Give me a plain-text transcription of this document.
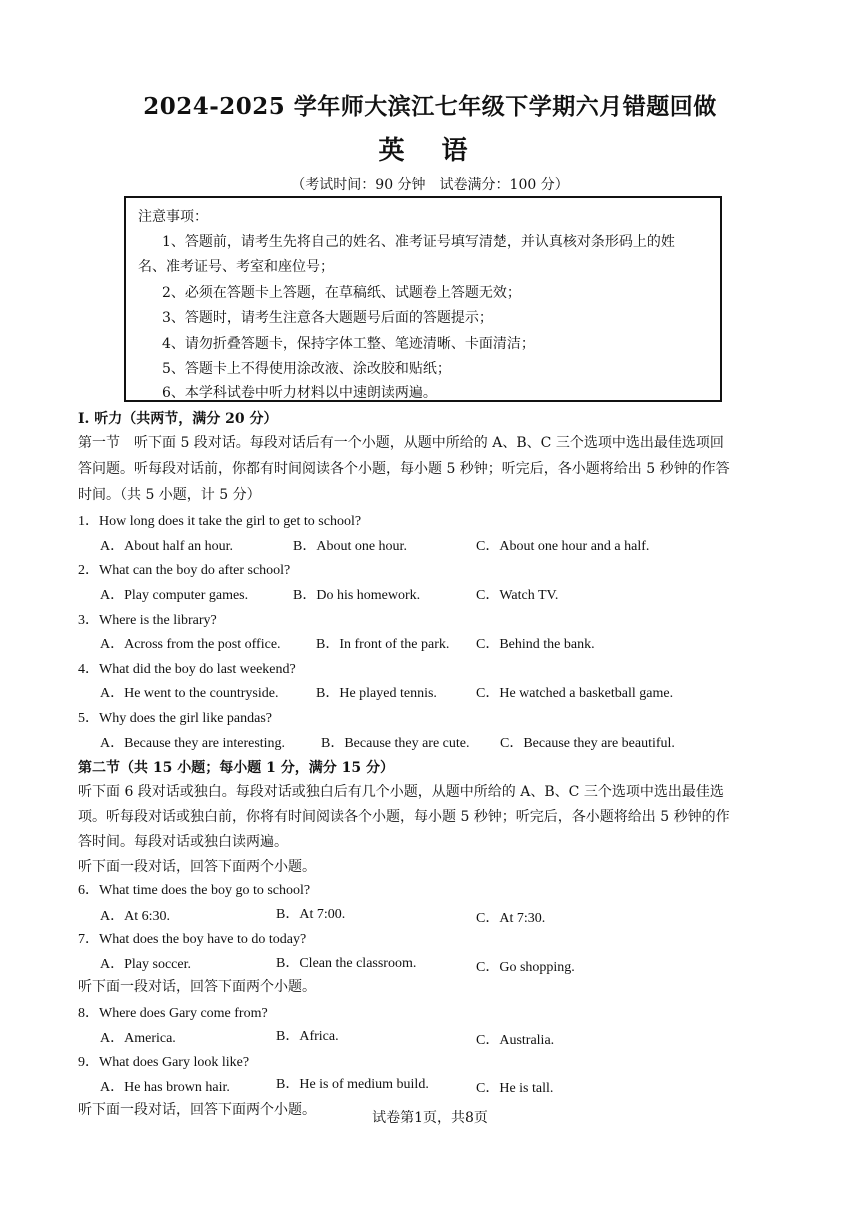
2024-2025 学年师大滨江七年级下学期六月错题回做
英 语
（考试时间：90 分钟　试卷满分：100 分）
注意事项：
1、答题前，请考生先将自己的姓名、准考证号填写清楚，并认真核对条形码上的姓
名、准考证号、考室和座位号；
2、必须在答题卡上答题，在草稿纸、试题卷上答题无效；
3、答题时，请考生注意各大题题号后面的答题提示；
4、请勿折叠答题卡，保持字体工整、笔迹清晰、卡面清洁；
5、答题卡上不得使用涂改液、涂改胶和贴纸；
6、本学科试卷中听力材料以中速朗读两遍。
Ⅰ. 听力（共两节，满分 20 分）
第一节　听下面 5 段对话。每段对话后有一个小题，从题中所给的 A、B、C 三个选项中选出最佳选项回
答问题。听每段对话前，你都有时间阅读各个小题，每小题 5 秒钟；听完后，各小题将给出 5 秒钟的作答
时间。（共 5 小题，计 5 分）
1．How long does it take the girl to get to school?
A．About half an hour.	B．About one hour.	C．About one hour and a half.
2．What can the boy do after school?
A．Play computer games.	B．Do his homework.	C．Watch TV.
3．Where is the library?
A．Across from the post office.	B．In front of the park. C．Behind the bank.
4．What did the boy do last weekend?
A．He went to the countryside.	B．He played tennis.	C．He watched a basketball game.
5．Why does the girl like pandas?
A．Because they are interesting.	B．Because they are cute. C．Because they are beautiful.
第二节（共 15 小题；每小题 1 分，满分 15 分）
听下面 6 段对话或独白。每段对话或独白后有几个小题，从题中所给的 A、B、C 三个选项中选出最佳选
项。听每段对话或独白前，你将有时间阅读各个小题，每小题 5 秒钟；听完后，各小题将给出 5 秒钟的作
答时间。每段对话或独白读两遍。
听下面一段对话，回答下面两个小题。
6．What time does the boy go to school?
A．At 6:30.	B．At 7:00.	C．At 7:30.
7．What does the boy have to do today?
A．Play soccer.	B．Clean the classroom.	C．Go shopping.
听下面一段对话，回答下面两个小题。
8．Where does Gary come from?
A．America.	B．Africa.	C．Australia.
9．What does Gary look like?
A．He has brown hair.	B．He is of medium build.	C．He is tall.
听下面一段对话，回答下面两个小题。	试卷第1页，共8页
